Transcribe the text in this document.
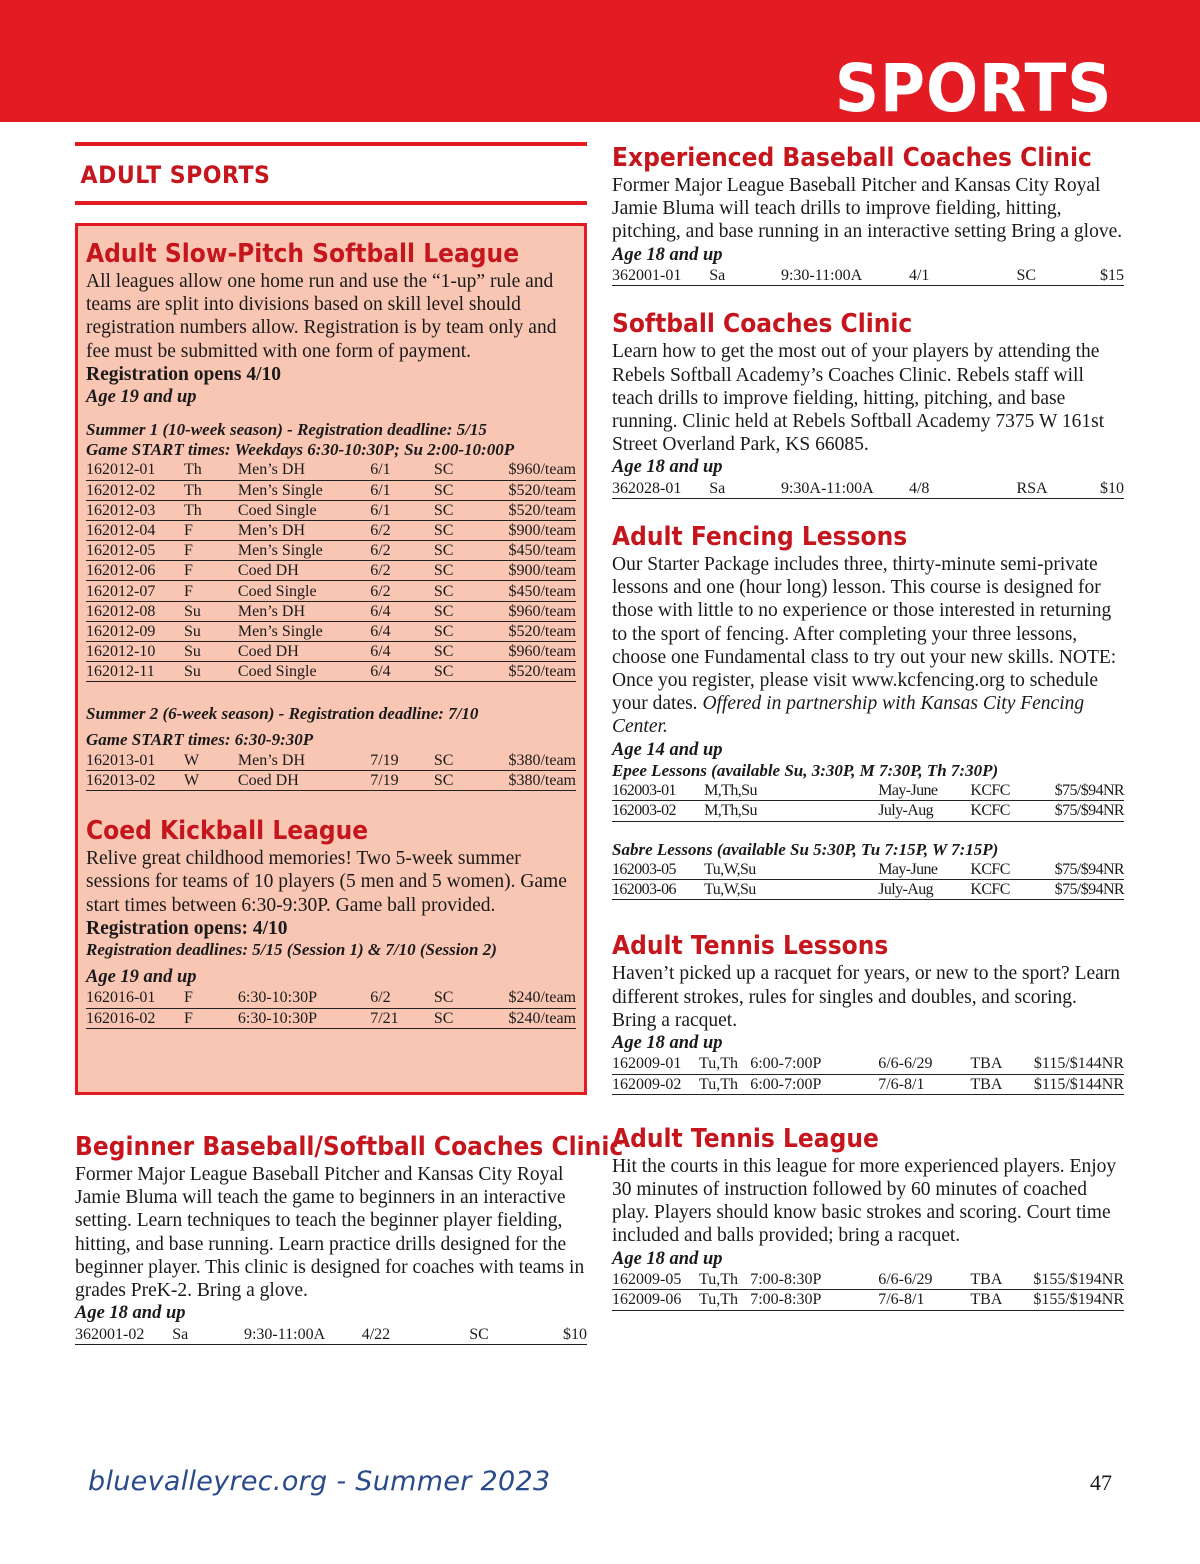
SPORTS
ADULT SPORTS
Adult Slow-Pitch Softball League
All leagues allow one home run and use the “1-up” rule and teams are split into divisions based on skill level should registration numbers allow. Registration is by team only and fee must be submitted with one form of payment.
Registration opens 4/10
Age 19 and up
Summer 1 (10-week season) - Registration deadline: 5/15
Game START times: Weekdays 6:30-10:30P; Su 2:00-10:00P
162012-01	Th	Men’s DH	6/1	SC	$960/team
162012-02	Th	Men’s Single	6/1	SC	$520/team
162012-03	Th	Coed Single	6/1	SC	$520/team
162012-04	F	Men’s DH	6/2	SC	$900/team
162012-05	F	Men’s Single	6/2	SC	$450/team
162012-06	F	Coed DH	6/2	SC	$900/team
162012-07	F	Coed Single	6/2	SC	$450/team
162012-08	Su	Men’s DH	6/4	SC	$960/team
162012-09	Su	Men’s Single	6/4	SC	$520/team
162012-10	Su	Coed DH	6/4	SC	$960/team
162012-11	Su	Coed Single	6/4	SC	$520/team
Summer 2 (6-week season) - Registration deadline: 7/10
Game START times: 6:30-9:30P
162013-01	W	Men’s DH	7/19	SC	$380/team
162013-02	W	Coed DH	7/19	SC	$380/team
Coed Kickball League
Relive great childhood memories! Two 5-week summer sessions for teams of 10 players (5 men and 5 women). Game start times between 6:30-9:30P. Game ball provided.
Registration opens: 4/10
Registration deadlines: 5/15 (Session 1) & 7/10 (Session 2)
Age 19 and up
162016-01	F	6:30-10:30P	6/2	SC	$240/team
162016-02	F	6:30-10:30P	7/21	SC	$240/team
Beginner Baseball/Softball Coaches Clinic
Former Major League Baseball Pitcher and Kansas City Royal Jamie Bluma will teach the game to beginners in an interactive setting. Learn techniques to teach the beginner player fielding, hitting, and base running. Learn practice drills designed for the beginner player. This clinic is designed for coaches with teams in grades PreK-2. Bring a glove.
Age 18 and up
362001-02	Sa	9:30-11:00A	4/22	SC	$10
Experienced Baseball Coaches Clinic
Former Major League Baseball Pitcher and Kansas City Royal Jamie Bluma will teach drills to improve fielding, hitting, pitching, and base running in an interactive setting Bring a glove.
Age 18 and up
362001-01	Sa	9:30-11:00A	4/1	SC	$15
Softball Coaches Clinic
Learn how to get the most out of your players by attending the Rebels Softball Academy’s Coaches Clinic. Rebels staff will teach drills to improve fielding, hitting, pitching, and base running. Clinic held at Rebels Softball Academy 7375 W 161st Street Overland Park, KS 66085.
Age 18 and up
362028-01	Sa	9:30A-11:00A	4/8	RSA	$10
Adult Fencing Lessons
Our Starter Package includes three, thirty-minute semi-private lessons and one (hour long) lesson. This course is designed for those with little to no experience or those interested in returning to the sport of fencing. After completing your three lessons, choose one Fundamental class to try out your new skills. NOTE: Once you register, please visit www.kcfencing.org to schedule your dates. Offered in partnership with Kansas City Fencing Center.
Age 14 and up
Epee Lessons (available Su, 3:30P, M 7:30P, Th 7:30P)
162003-01	M,Th,Su	May-June	KCFC	$75/$94NR
162003-02	M,Th,Su	July-Aug	KCFC	$75/$94NR
Sabre Lessons (available Su 5:30P, Tu 7:15P, W 7:15P)
162003-05	Tu,W,Su	May-June	KCFC	$75/$94NR
162003-06	Tu,W,Su	July-Aug	KCFC	$75/$94NR
Adult Tennis Lessons
Haven’t picked up a racquet for years, or new to the sport? Learn different strokes, rules for singles and doubles, and scoring. Bring a racquet.
Age 18 and up
162009-01	Tu,Th	6:00-7:00P	6/6-6/29	TBA	$115/$144NR
162009-02	Tu,Th	6:00-7:00P	7/6-8/1	TBA	$115/$144NR
Adult Tennis League
Hit the courts in this league for more experienced players. Enjoy 30 minutes of instruction followed by 60 minutes of coached play. Players should know basic strokes and scoring. Court time included and balls provided; bring a racquet.
Age 18 and up
162009-05	Tu,Th	7:00-8:30P	6/6-6/29	TBA	$155/$194NR
162009-06	Tu,Th	7:00-8:30P	7/6-8/1	TBA	$155/$194NR
bluevalleyrec.org - Summer 2023	47
